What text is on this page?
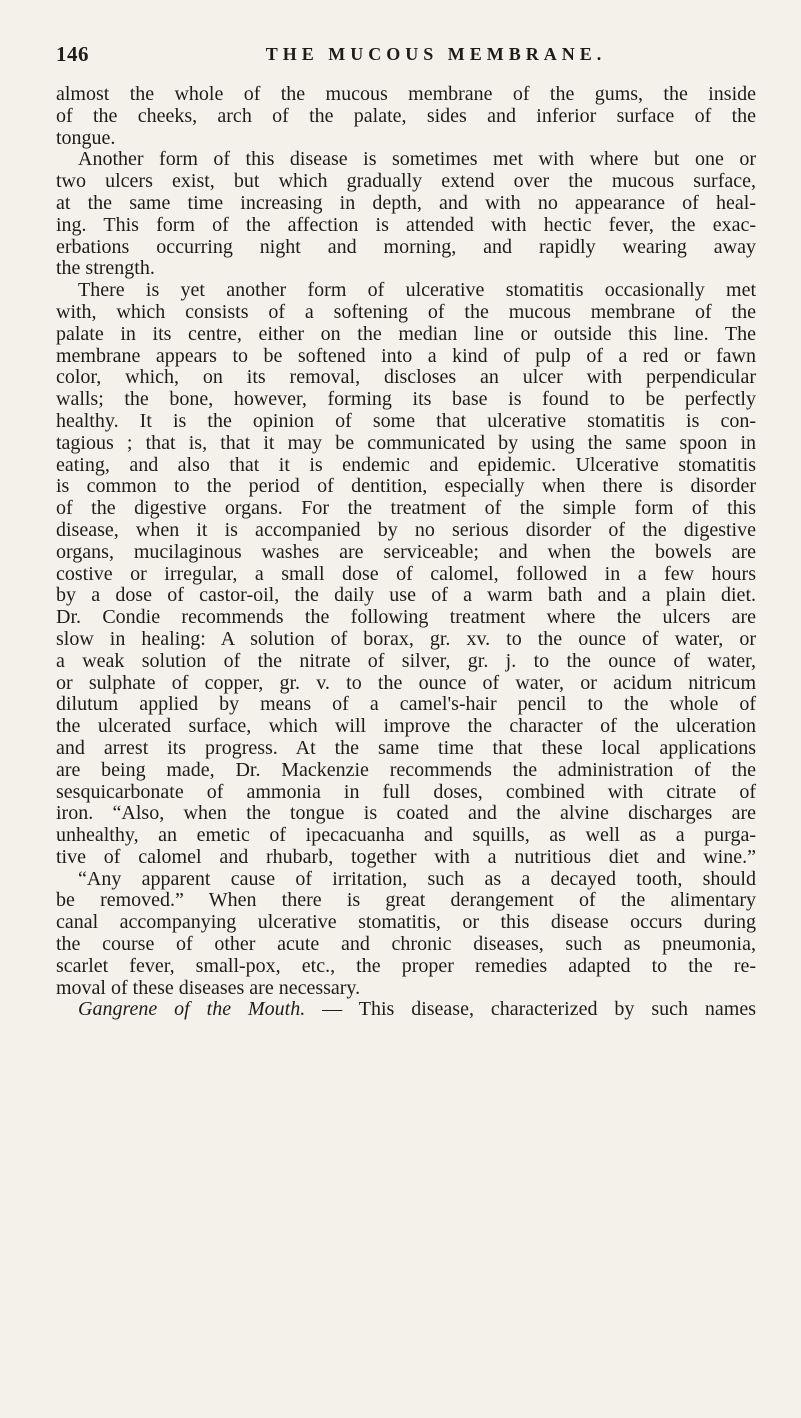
146	THE MUCOUS MEMBRANE.
almost the whole of the mucous membrane of the gums, the inside
of the cheeks, arch of the palate, sides and inferior surface of the
tongue.
Another form of this disease is sometimes met with where but one or
two ulcers exist, but which gradually extend over the mucous surface,
at the same time increasing in depth, and with no appearance of heal-
ing. This form of the affection is attended with hectic fever, the exac-
erbations occurring night and morning, and rapidly wearing away
the strength.
There is yet another form of ulcerative stomatitis occasionally met
with, which consists of a softening of the mucous membrane of the
palate in its centre, either on the median line or outside this line. The
membrane appears to be softened into a kind of pulp of a red or fawn
color, which, on its removal, discloses an ulcer with perpendicular
walls; the bone, however, forming its base is found to be perfectly
healthy. It is the opinion of some that ulcerative stomatitis is con-
tagious ; that is, that it may be communicated by using the same spoon in
eating, and also that it is endemic and epidemic. Ulcerative stomatitis
is common to the period of dentition, especially when there is disorder
of the digestive organs. For the treatment of the simple form of this
disease, when it is accompanied by no serious disorder of the digestive
organs, mucilaginous washes are serviceable; and when the bowels are
costive or irregular, a small dose of calomel, followed in a few hours
by a dose of castor-oil, the daily use of a warm bath and a plain diet.
Dr. Condie recommends the following treatment where the ulcers are
slow in healing: A solution of borax, gr. xv. to the ounce of water, or
a weak solution of the nitrate of silver, gr. j. to the ounce of water,
or sulphate of copper, gr. v. to the ounce of water, or acidum nitricum
dilutum applied by means of a camel's-hair pencil to the whole of
the ulcerated surface, which will improve the character of the ulceration
and arrest its progress. At the same time that these local applications
are being made, Dr. Mackenzie recommends the administration of the
sesquicarbonate of ammonia in full doses, combined with citrate of
iron. “Also, when the tongue is coated and the alvine discharges are
unhealthy, an emetic of ipecacuanha and squills, as well as a purga-
tive of calomel and rhubarb, together with a nutritious diet and wine.”
“Any apparent cause of irritation, such as a decayed tooth, should
be removed.” When there is great derangement of the alimentary
canal accompanying ulcerative stomatitis, or this disease occurs during
the course of other acute and chronic diseases, such as pneumonia,
scarlet fever, small-pox, etc., the proper remedies adapted to the re-
moval of these diseases are necessary.
Gangrene of the Mouth. — This disease, characterized by such names
